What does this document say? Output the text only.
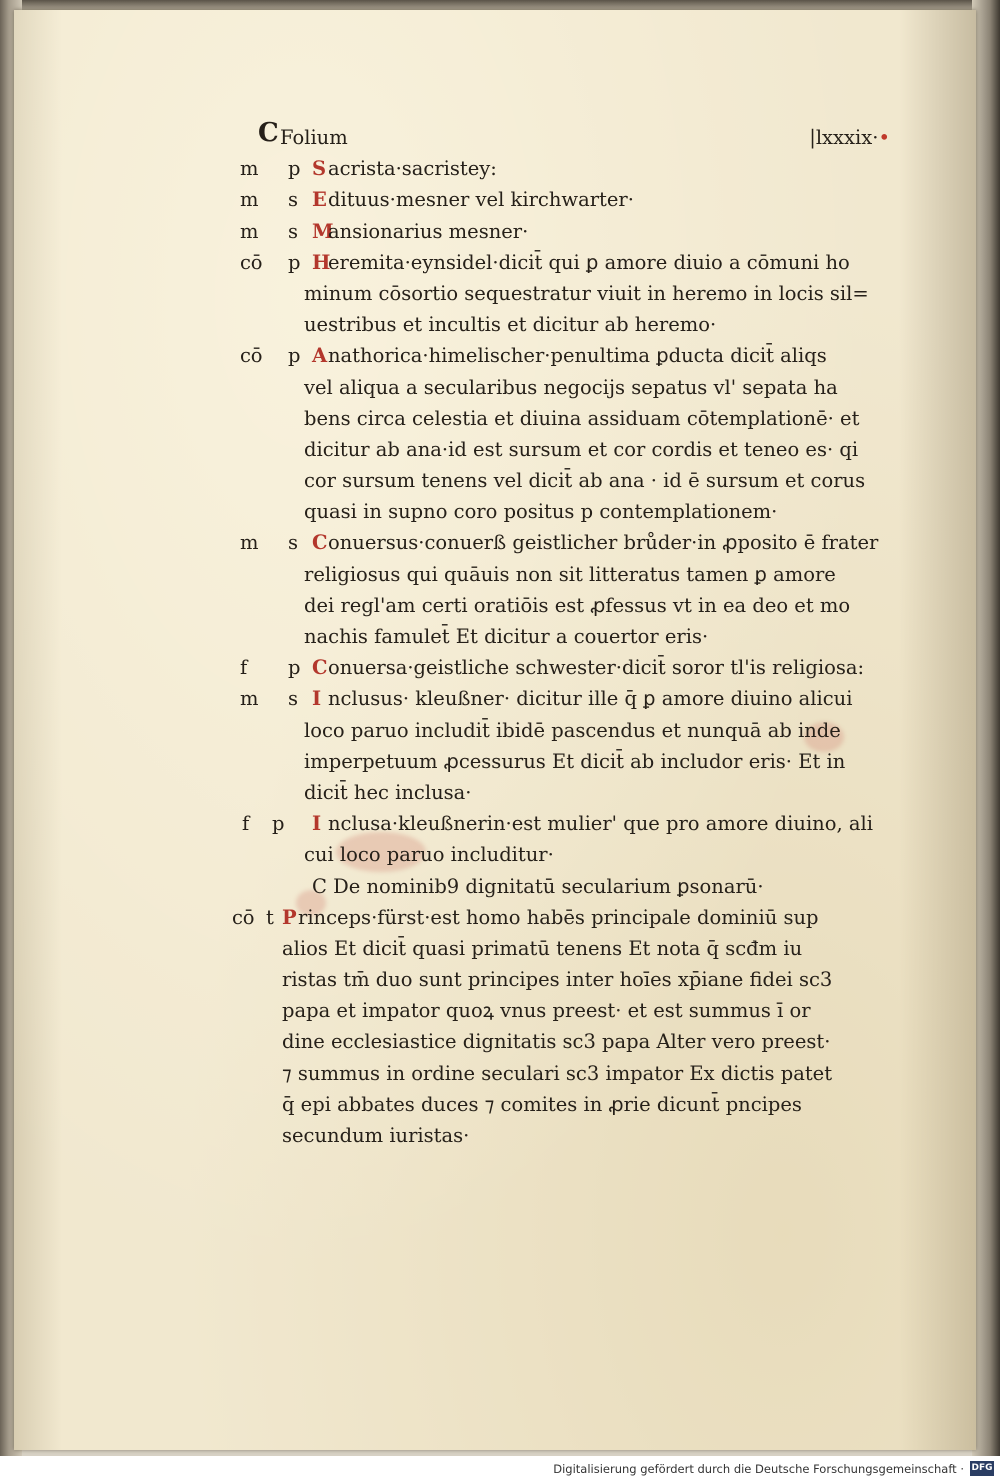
C Folium	|lxxxix·•
m p S acrista·sacristey:
m s E dituus·mesner vel kirchwarter·
m s M
ansionarius mesner·
cō p H
eremita·eynsidel·dicit̄ qui ꝑ amore diuio a cōmuni ho
minum cōsortio sequestratur viuit in heremo in locis sil=
uestribus et incultis et dicitur ab heremo·
cō p A nathorica·himelischer·penultima ꝑducta dicit̄ aliqs
vel aliqua a secularibus negocijs sepatus vl' sepata ha
bens circa celestia et diuina assiduam cōtemplationē· et
dicitur ab ana·id est sursum et cor cordis et teneo es· qi
cor sursum tenens vel dicit̄ ab ana · id ē sursum et corus
quasi in supno coro positus p contemplationem·
m s C onuersus·conuerß geistlicher brůder·in ꝓposito ē frater
religiosus qui quāuis non sit litteratus tamen ꝑ amore
dei regl'am certi oratiōis est ꝓfessus vt in ea deo et mo
nachis famulet̄ Et dicitur a couertor eris·
f p C onuersa·geistliche schwester·dicit̄ soror tl'is religiosa:
m s I nclusus· kleußner· dicitur ille q̄ ꝑ amore diuino alicui
loco paruo includit̄ ibidē pascendus et nunquā ab inde
imperpetuum ꝓcessurus Et dicit̄ ab includor eris· Et in
dicit̄ hec inclusa·
f p I nclusa·kleußnerin·est mulier' que pro amore diuino, ali
cui loco paruo includitur·
C De nominib9 dignitatū secularium ꝑsonarū·
cō t P rinceps·fürst·est homo habēs principale dominiū sup
alios Et dicit̄ quasi primatū tenens Et nota q̄ scđm iu
ristas tm̄ duo sunt principes inter hoīes xp̄iane fidei sc3
papa et impator quoꝝ vnus preest· et est summus ī or
dine ecclesiastice dignitatis sc3 papa Alter vero preest·
⁊ summus in ordine seculari sc3 impator Ex dictis patet
q̄ epi abbates duces ⁊ comites in ꝓrie dicunt̄ pncipes
secundum iuristas·
Digitalisierung gefördert durch die Deutsche Forschungsgemeinschaft · DFG
